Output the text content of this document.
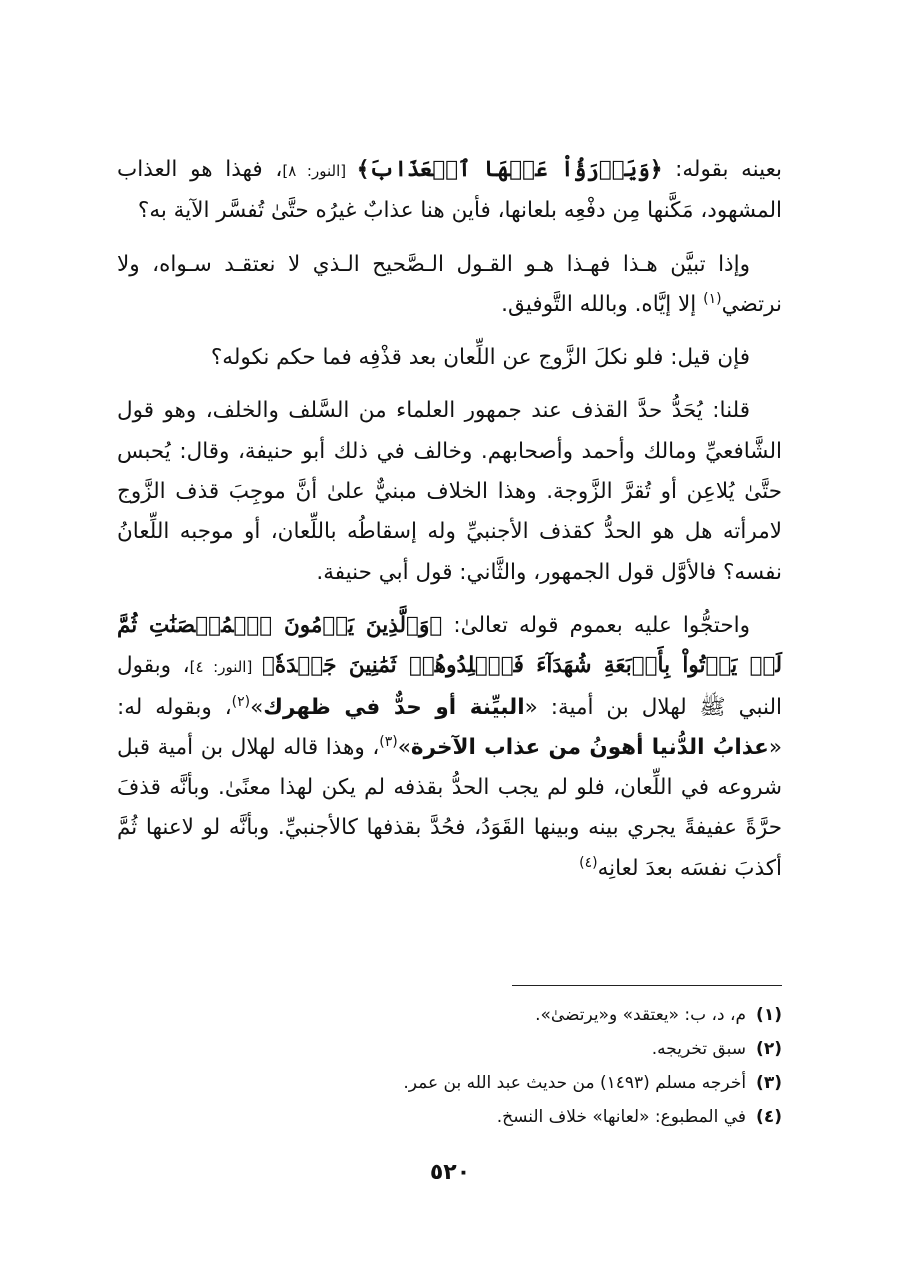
بعينه بقوله: ﴿وَيَدۡرَؤُاْ عَنۡهَا ٱلۡعَذَابَ﴾ [النور: ٨]، فهذا هو العذاب المشهود، مَكَّنها مِن دفْعِه بلعانها، فأين هنا عذابٌ غيرُه حتَّىٰ تُفسَّر الآية به؟

وإذا تبيَّن هـذا فهـذا هـو القـول الـصَّحيح الـذي لا نعتقـد سـواه، ولا نرتضي$^{(١)}$ إلا إيَّاه. وبالله التَّوفيق.

فإن قيل: فلو نكلَ الزَّوج عن اللِّعان بعد قذْفِه فما حكم نكوله؟

قلنا: يُحَدُّ حدَّ القذف عند جمهور العلماء من السَّلف والخلف، وهو قول الشَّافعيِّ ومالك وأحمد وأصحابهم. وخالف في ذلك أبو حنيفة، وقال: يُحبس حتَّىٰ يُلاعِن أو تُقرَّ الزَّوجة. وهذا الخلاف مبنيٌّ علىٰ أنَّ موجِبَ قذف الزَّوج لامرأته هل هو الحدُّ كقذف الأجنبيِّ وله إسقاطُه باللِّعان، أو موجبه اللِّعانُ نفسه؟ فالأوَّل قول الجمهور، والثَّاني: قول أبي حنيفة.

واحتجُّوا عليه بعموم قوله تعالىٰ: ﴿وَٱلَّذِينَ يَرۡمُونَ ٱلۡمُحۡصَنَٰتِ ثُمَّ لَمۡ يَأۡتُواْ بِأَرۡبَعَةِ شُهَدَآءَ فَٱجۡلِدُوهُمۡ ثَمَٰنِينَ جَلۡدَةٗ﴾ [النور: ٤]، وبقول النبي ﷺ لهلال بن أمية: «البيِّنة أو حدٌّ في ظهرك»$^{(٢)}$، وبقوله له: «عذابُ الدُّنيا أهونُ من عذاب الآخرة»$^{(٣)}$، وهذا قاله لهلال بن أمية قبل شروعه في اللِّعان، فلو لم يجب الحدُّ بقذفه لم يكن لهذا معنًىٰ. وبأنَّه قذفَ حرَّةً عفيفةً يجري بينه وبينها القَوَدُ، فحُدَّ بقذفها كالأجنبيِّ. وبأنَّه لو لاعنها ثُمَّ أكذبَ نفسَه بعدَ لعانِه$^{(٤)}$

(١)
م، د، ب: «يعتقد» و«يرتضىٰ».
(٢)
سبق تخريجه.
(٣)
أخرجه مسلم (١٤٩٣) من حديث عبد الله بن عمر.
(٤)
في المطبوع: «لعانها» خلاف النسخ.
٥٢٠
